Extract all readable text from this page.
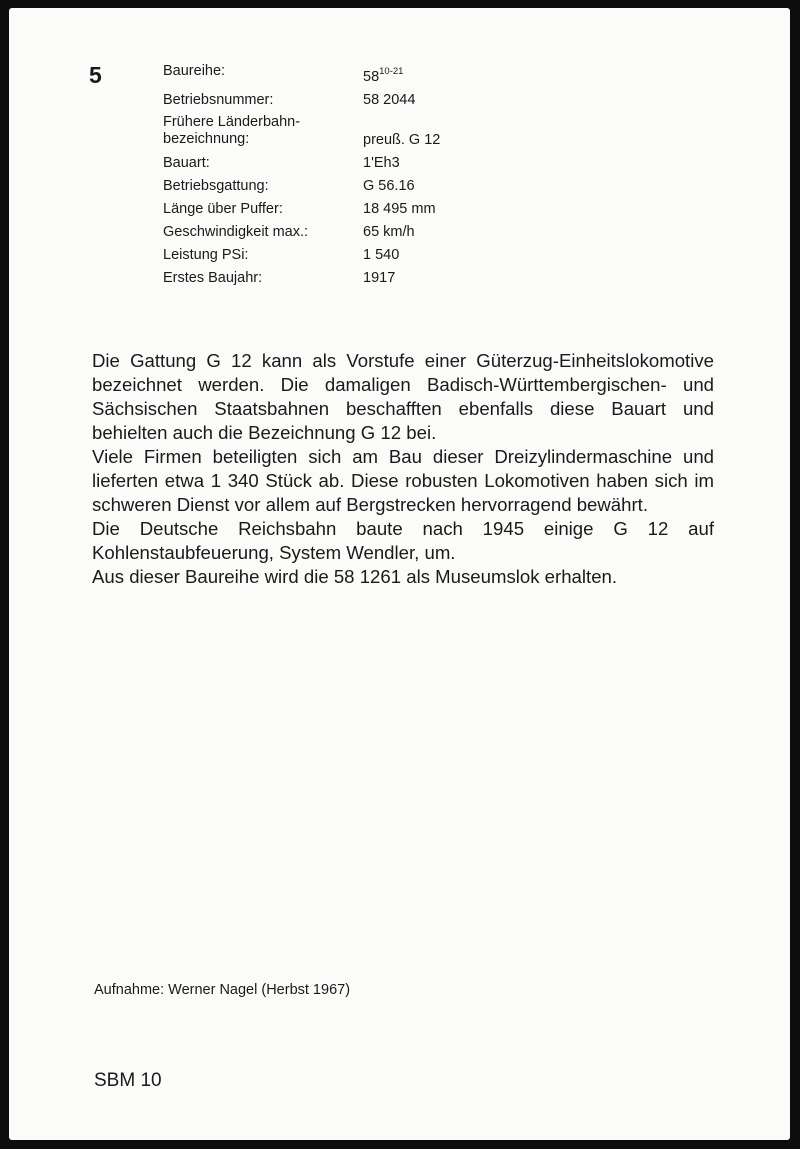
5	Baureihe:	58$^{10-21}$
Betriebsnummer:	58 2044
Frühere Länderbahn-
bezeichnung:	preuß. G 12
Bauart:	1'Eh3
Betriebsgattung:	G 56.16
Länge über Puffer:	18 495 mm
Geschwindigkeit max.:	65 km/h
Leistung PSi:	1 540
Erstes Baujahr:	1917

Die Gattung G 12 kann als Vorstufe einer Güterzug-Einheitslokomotive bezeichnet werden. Die damaligen Badisch-Württembergischen- und Sächsischen Staatsbahnen beschafften ebenfalls diese Bauart und behielten auch die Bezeichnung G 12 bei.

Viele Firmen beteiligten sich am Bau dieser Dreizylindermaschine und lieferten etwa 1 340 Stück ab. Diese robusten Lokomotiven haben sich im schweren Dienst vor allem auf Bergstrecken hervorragend bewährt.

Die Deutsche Reichsbahn baute nach 1945 einige G 12 auf Kohlenstaubfeuerung, System Wendler, um.

Aus dieser Baureihe wird die 58 1261 als Museumslok erhalten.

Aufnahme: Werner Nagel (Herbst 1967)
SBM 10
